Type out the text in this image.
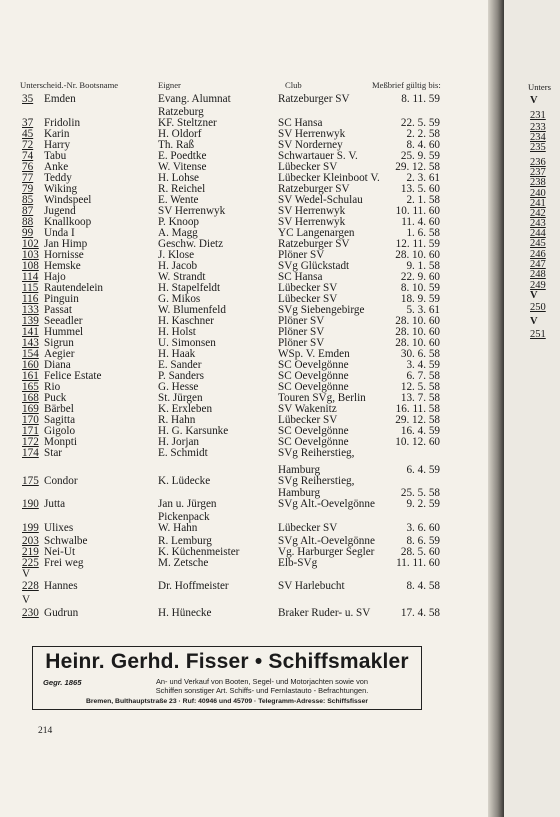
Unterscheid.-Nr. Bootsname	Eigner	Club	Meßbrief gültig bis:
35 Emden	Evang. Alumnat	Ratzeburger SV	8. 11. 59
Ratzeburg
37 Fridolin	KF. Steltzner	SC Hansa	22. 5. 59
45 Karin	H. Oldorf	SV Herrenwyk	2. 2. 58
72 Harry	Th. Raß	SV Norderney	8. 4. 60
74 Tabu	E. Poedtke	Schwartauer S. V.	25. 9. 59
76 Anke	W. Vitense	Lübecker SV	29. 12. 58
77 Teddy	H. Lohse	Lübecker Kleinboot V. 2. 3. 61
79 Wiking	R. Reichel	Ratzeburger SV	13. 5. 60
85 Windspeel	E. Wente	SV Wedel-Schulau	2. 1. 58
87 Jugend	SV Herrenwyk	SV Herrenwyk	10. 11. 60
88 Knallkoop	P. Knoop	SV Herrenwyk	11. 4. 60
99 Unda I	A. Magg	YC Langenargen	1. 6. 58
102 Jan Himp	Geschw. Dietz	Ratzeburger SV	12. 11. 59
103 Hornisse	J. Klose	Plöner SV	28. 10. 60
108 Hemske	H. Jacob	SVg Glückstadt	9. 1. 58
114 Hajo	W. Strandt	SC Hansa	22. 9. 60
115 Rautendelein	H. Stapelfeldt	Lübecker SV	8. 10. 59
116 Pinguin	G. Mikos	Lübecker SV	18. 9. 59
133 Passat	W. Blumenfeld	SVg Siebengebirge	5. 3. 61
139 Seeadler	H. Kaschner	Plöner SV	28. 10. 60
141 Hummel	H. Holst	Plöner SV	28. 10. 60
143 Sigrun	U. Simonsen	Plöner SV	28. 10. 60
154 Aegier	H. Haak	WSp. V. Emden	30. 6. 58
160 Diana	E. Sander	SC Oevelgönne	3. 4. 59
161 Felice Estate	P. Sanders	SC Oevelgönne	6. 7. 58
165 Rio	G. Hesse	SC Oevelgönne	12. 5. 58
168 Puck	St. Jürgen	Touren SVg, Berlin	13. 7. 58
169 Bärbel	K. Erxleben	SV Wakenitz	16. 11. 58
170 Sagitta	R. Hahn	Lübecker SV	29. 12. 58
171 Gigolo	H. G. Karsunke	SC Oevelgönne	16. 4. 59
172 Monpti	H. Jorjan	SC Oevelgönne	10. 12. 60
174 Star	E. Schmidt	SVg Reiherstieg,
Hamburg	6. 4. 59
175 Condor	K. Lüdecke	SVg Reiherstieg,
Hamburg	25. 5. 58
190 Jutta	Jan u. Jürgen	SVg Alt.-Oevelgönne	9. 2. 59
Pickenpack
199 Ulixes	W. Hahn	Lübecker SV	3. 6. 60
203 Schwalbe	R. Lemburg	SVg Alt.-Oevelgönne	8. 6. 59
219 Nei-Ut	K. Küchenmeister	Vg. Harburger Segler 28. 5. 60
225 Frei weg	M. Zetsche	Elb-SVg	11. 11. 60
V
228 Hannes	Dr. Hoffmeister	SV Harlebucht	8. 4. 58
V
230 Gudrun	H. Hünecke	Braker Ruder- u. SV	17. 4. 58
Heinr. Gerhd. Fisser • Schiffsmakler
Gegr. 1865	An- und Verkauf von Booten, Segel- und Motorjachten sowie von
Schiffen sonstiger Art. Schiffs- und Fernlastauto - Befrachtungen.
Bremen, Bulthauptstraße 23 · Ruf: 40946 und 45709 · Telegramm-Adresse: Schiffsfisser
214
Unters
V
231
233
234
235
236
237
238
240
241
242
243
244
245
246
247
248
249
V
250
V
251
